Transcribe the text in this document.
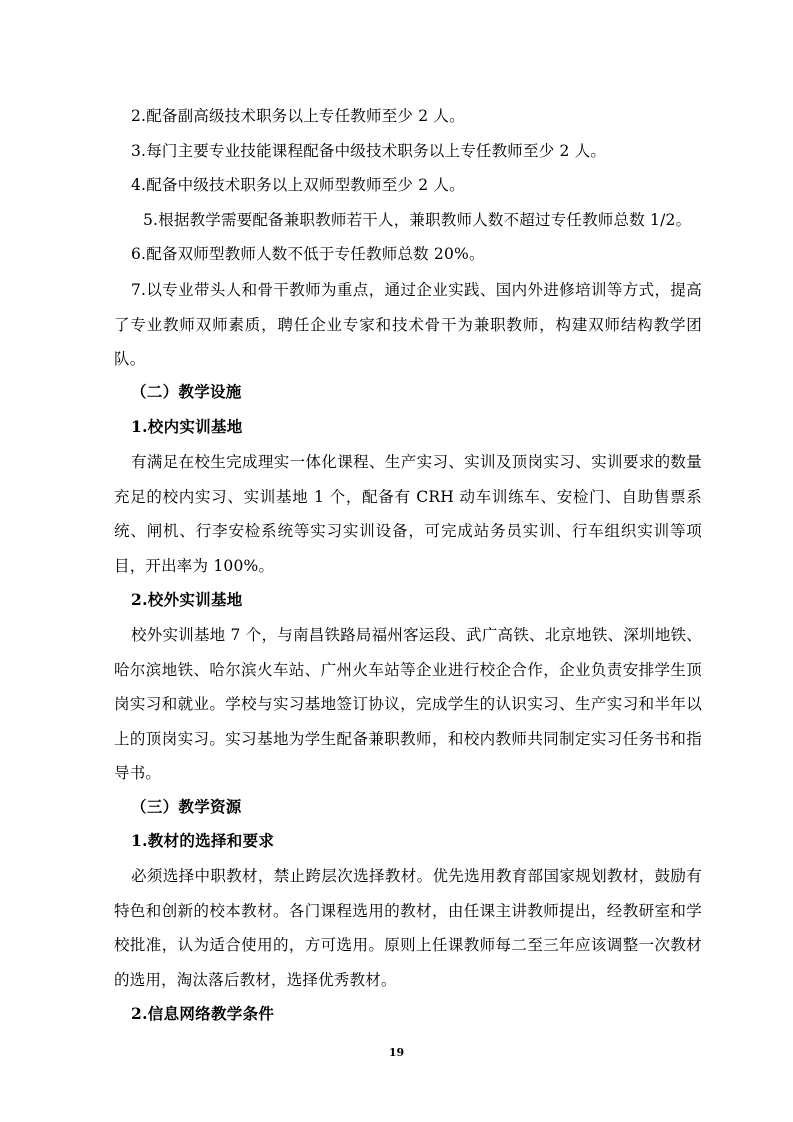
2.配备副高级技术职务以上专任教师至少 2 人。
3.每门主要专业技能课程配备中级技术职务以上专任教师至少 2 人。
4.配备中级技术职务以上双师型教师至少 2 人。
5.根据教学需要配备兼职教师若干人，兼职教师人数不超过专任教师总数 1/2。
6.配备双师型教师人数不低于专任教师总数 20%。

7.以专业带头人和骨干教师为重点，通过企业实践、国内外进修培训等方式，提高了专业教师双师素质，聘任企业专家和技术骨干为兼职教师，构建双师结构教学团队。

（二）教学设施
1.校内实训基地

有满足在校生完成理实一体化课程、生产实习、实训及顶岗实习、实训要求的数量充足的校内实习、实训基地 1 个，配备有 CRH 动车训练车、安检门、自助售票系统、闸机、行李安检系统等实习实训设备，可完成站务员实训、行车组织实训等项目，开出率为 100%。

2.校外实训基地

校外实训基地 7 个，与南昌铁路局福州客运段、武广高铁、北京地铁、深圳地铁、哈尔滨地铁、哈尔滨火车站、广州火车站等企业进行校企合作，企业负责安排学生顶岗实习和就业。学校与实习基地签订协议，完成学生的认识实习、生产实习和半年以上的顶岗实习。实习基地为学生配备兼职教师，和校内教师共同制定实习任务书和指导书。

（三）教学资源
1.教材的选择和要求

必须选择中职教材，禁止跨层次选择教材。优先选用教育部国家规划教材，鼓励有特色和创新的校本教材。各门课程选用的教材，由任课主讲教师提出，经教研室和学校批准，认为适合使用的，方可选用。原则上任课教师每二至三年应该调整一次教材的选用，淘汰落后教材，选择优秀教材。

2.信息网络教学条件
19
